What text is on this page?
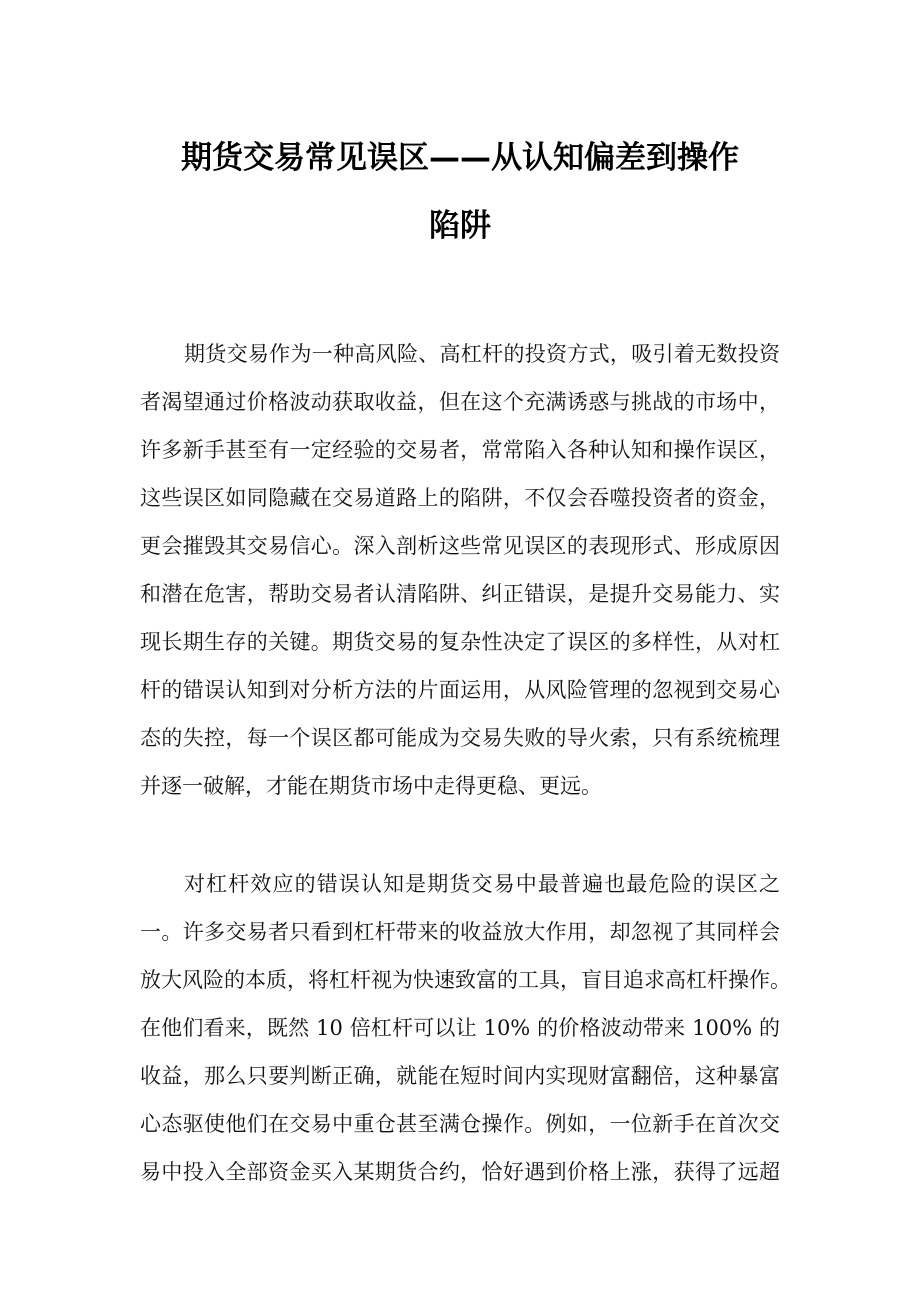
期货交易常见误区——从认知偏差到操作
陷阱
期货交易作为一种高风险、高杠杆的投资方式，吸引着无数投资
者渴望通过价格波动获取收益，但在这个充满诱惑与挑战的市场中，
许多新手甚至有一定经验的交易者，常常陷入各种认知和操作误区，
这些误区如同隐藏在交易道路上的陷阱，不仅会吞噬投资者的资金，
更会摧毁其交易信心。深入剖析这些常见误区的表现形式、形成原因
和潜在危害，帮助交易者认清陷阱、纠正错误，是提升交易能力、实
现长期生存的关键。期货交易的复杂性决定了误区的多样性，从对杠
杆的错误认知到对分析方法的片面运用，从风险管理的忽视到交易心
态的失控，每一个误区都可能成为交易失败的导火索，只有系统梳理
并逐一破解，才能在期货市场中走得更稳、更远。
对杠杆效应的错误认知是期货交易中最普遍也最危险的误区之
一。许多交易者只看到杠杆带来的收益放大作用，却忽视了其同样会
放大风险的本质，将杠杆视为快速致富的工具，盲目追求高杠杆操作。
在他们看来，既然 10 倍杠杆可以让 10% 的价格波动带来 100% 的
收益，那么只要判断正确，就能在短时间内实现财富翻倍，这种暴富
心态驱使他们在交易中重仓甚至满仓操作。例如，一位新手在首次交
易中投入全部资金买入某期货合约，恰好遇到价格上涨，获得了远超
